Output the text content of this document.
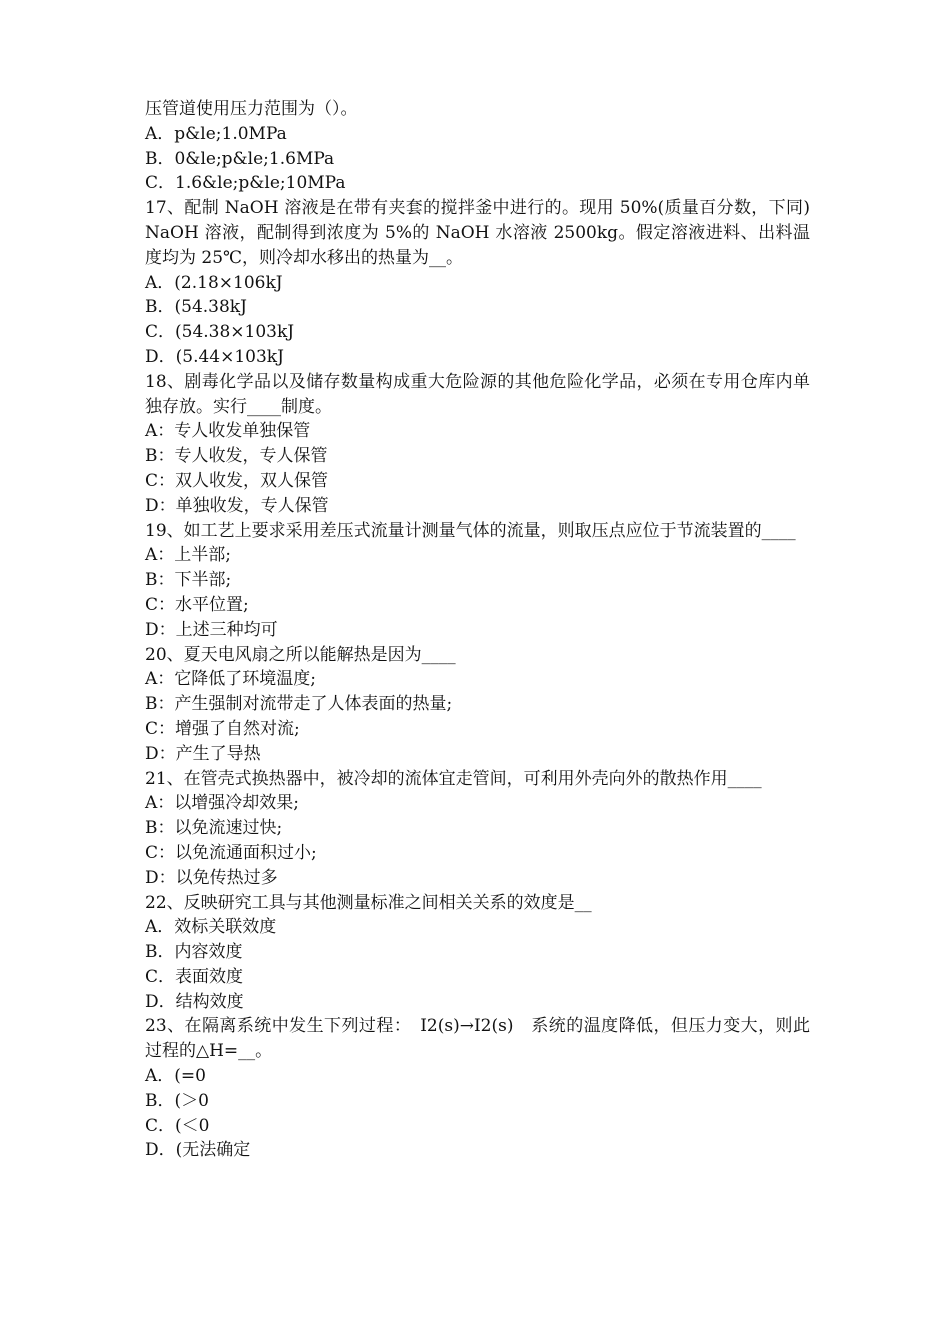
压管道使用压力范围为（）。

A．p&le;1.0MPa

B．0&le;p&le;1.6MPa

C．1.6&le;p&le;10MPa

17、配制 NaOH 溶液是在带有夹套的搅拌釜中进行的。现用 50%(质量百分数，下同) NaOH 溶液，配制得到浓度为 5%的 NaOH 水溶液 2500kg。假定溶液进料、出料温度均为 25℃，则冷却水移出的热量为__。

A．(2.18×106kJ

B．(54.38kJ

C．(54.38×103kJ

D．(5.44×103kJ

18、剧毒化学品以及储存数量构成重大危险源的其他危险化学品，必须在专用仓库内单独存放。实行____制度。

A：专人收发单独保管

B：专人收发，专人保管

C：双人收发，双人保管

D：单独收发，专人保管

19、如工艺上要求采用差压式流量计测量气体的流量，则取压点应位于节流装置的____

A：上半部;

B：下半部;

C：水平位置;

D：上述三种均可

20、夏天电风扇之所以能解热是因为____

A：它降低了环境温度;

B：产生强制对流带走了人体表面的热量;

C：增强了自然对流;

D：产生了导热

21、在管壳式换热器中，被冷却的流体宜走管间，可利用外壳向外的散热作用____

A：以增强冷却效果;

B：以免流速过快;

C：以免流通面积过小;

D：以免传热过多

22、反映研究工具与其他测量标准之间相关关系的效度是__

A．效标关联效度

B．内容效度

C．表面效度

D．结构效度

23、在隔离系统中发生下列过程：　I2(s)→I2(s)　系统的温度降低，但压力变大，则此过程的△H=__。

A．(=0

B．(＞0

C．(＜0

D．(无法确定
